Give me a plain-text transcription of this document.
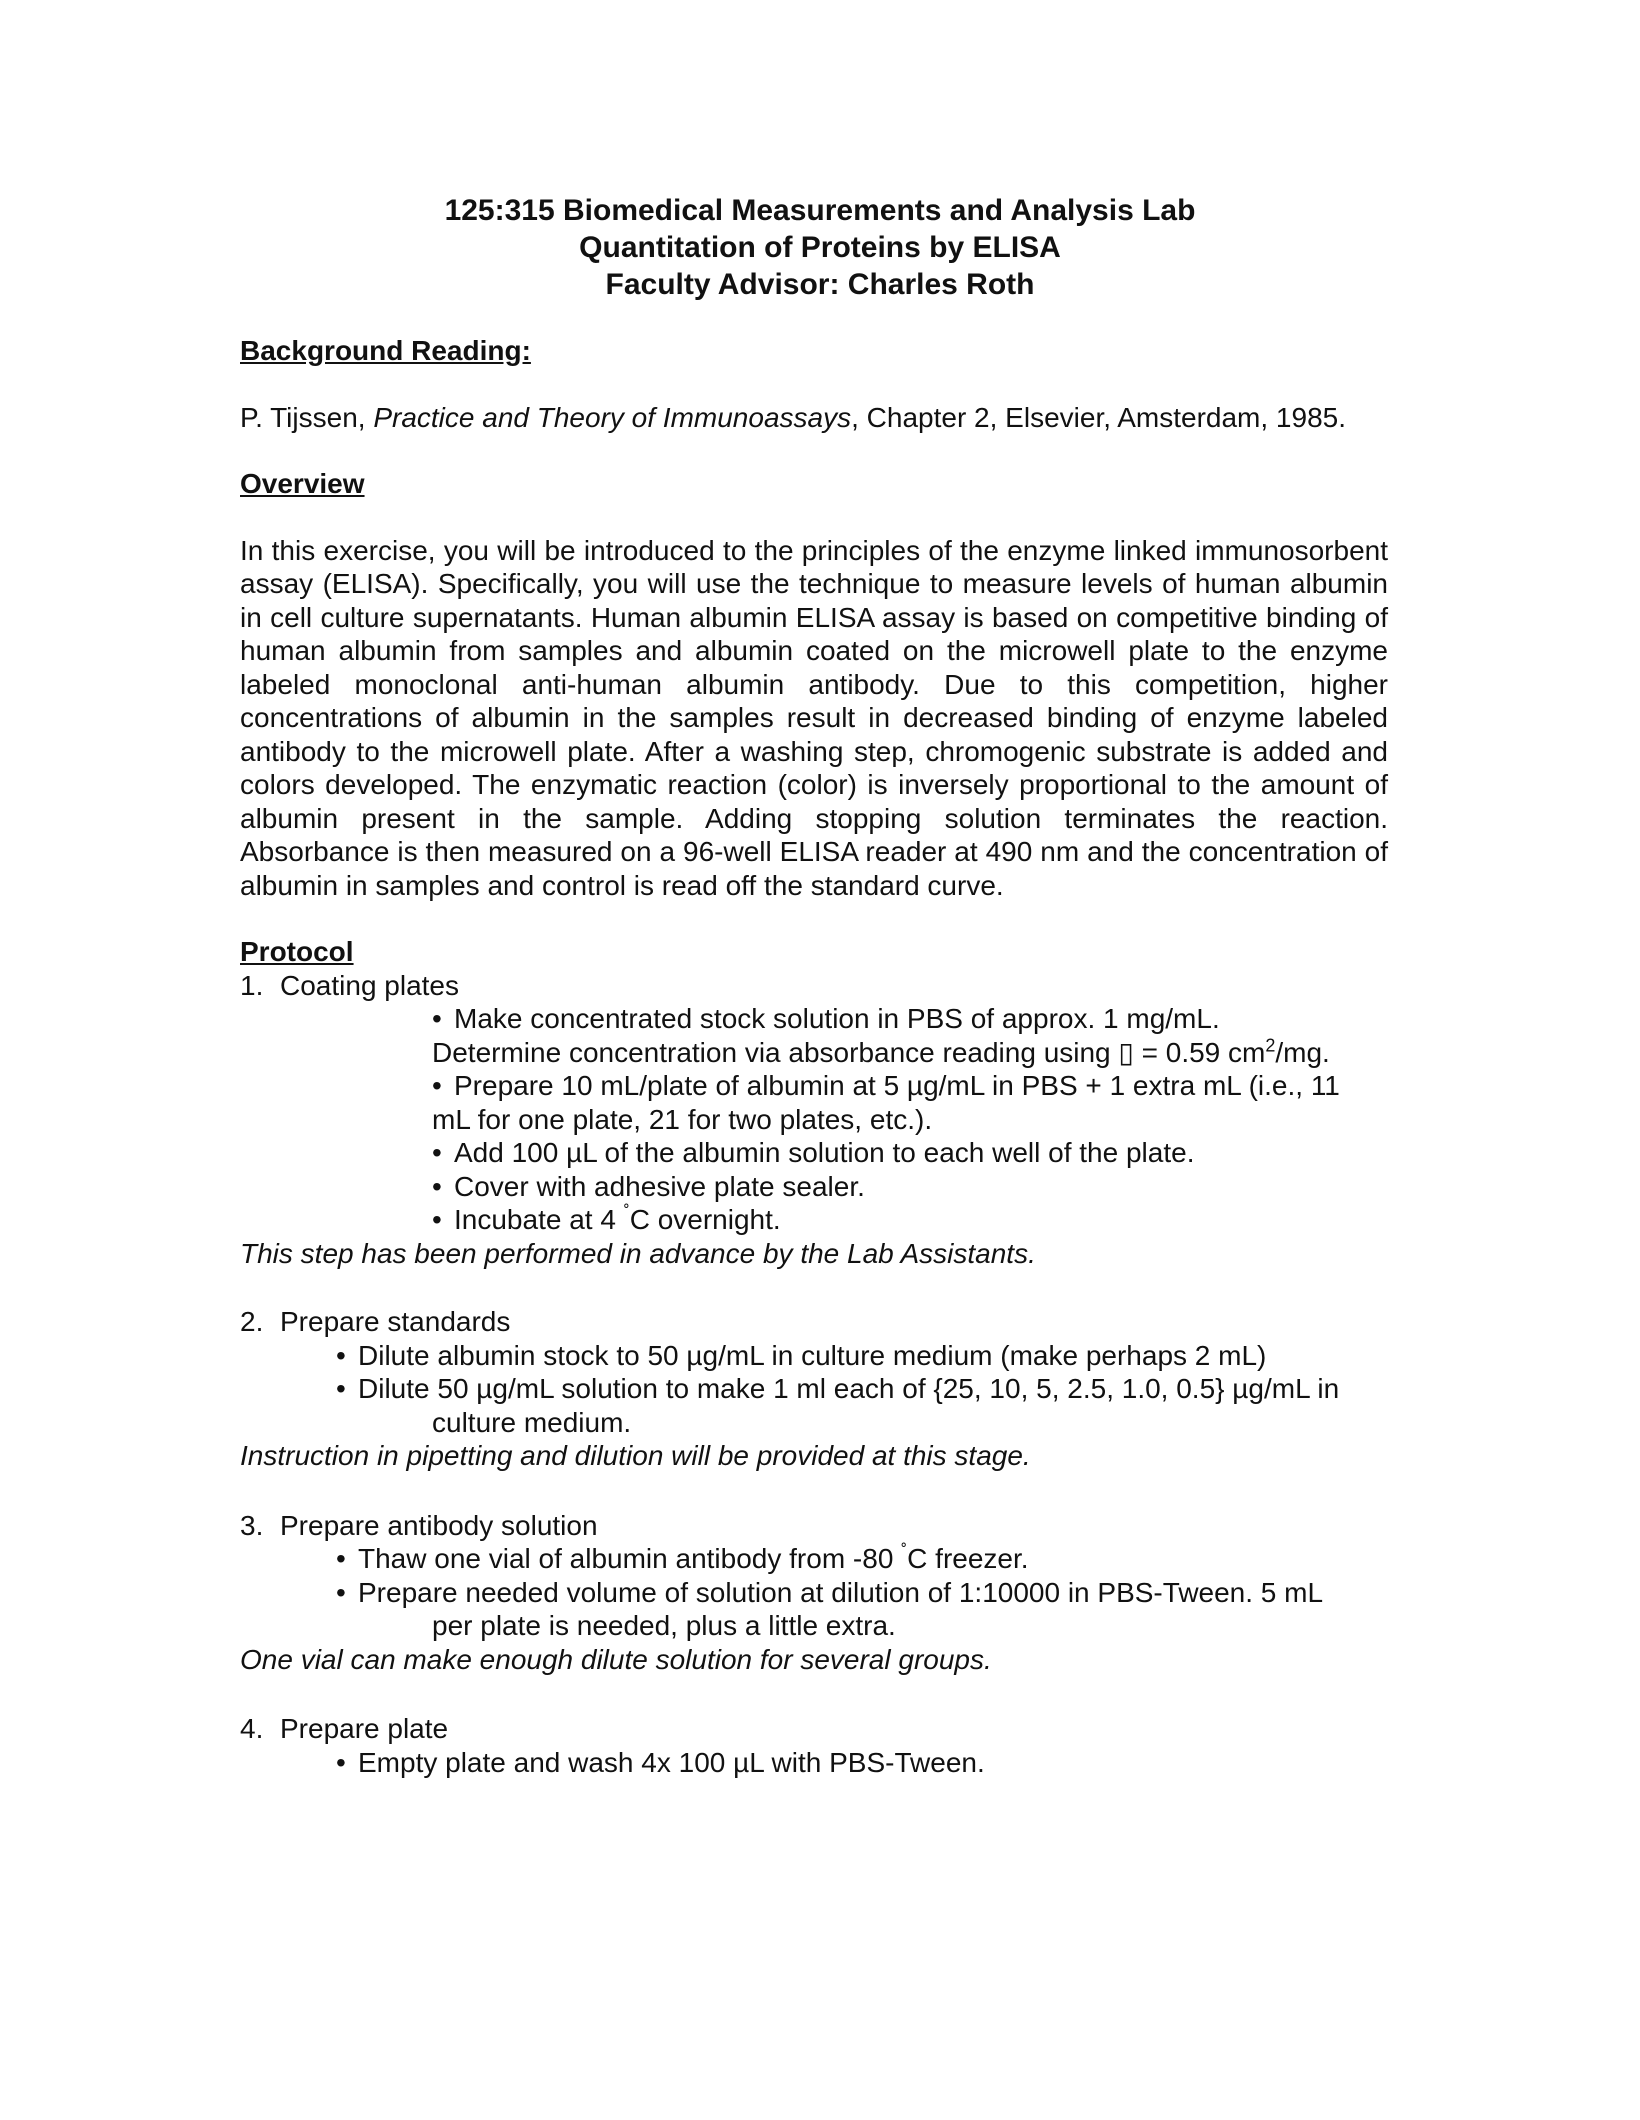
125:315 Biomedical Measurements and Analysis Lab
Quantitation of Proteins by ELISA
Faculty Advisor: Charles Roth
Background Reading:

P. Tijssen, Practice and Theory of Immunoassays, Chapter 2, Elsevier, Amsterdam, 1985.

Overview

In this exercise, you will be introduced to the principles of the enzyme linked immunosorbent assay (ELISA). Specifically, you will use the technique to measure levels of human albumin in cell culture supernatants. Human albumin ELISA assay is based on competitive binding of human albumin from samples and albumin coated on the microwell plate to the enzyme labeled monoclonal anti-human albumin antibody. Due to this competition, higher concentrations of albumin in the samples result in decreased binding of enzyme labeled antibody to the microwell plate. After a washing step, chromogenic substrate is added and colors developed. The enzymatic reaction (color) is inversely proportional to the amount of albumin present in the sample. Adding stopping solution terminates the reaction. Absorbance is then measured on a 96-well ELISA reader at 490 nm and the concentration of albumin in samples and control is read off the standard curve.

Protocol
1. Coating plates
• Make concentrated stock solution in PBS of approx. 1 mg/mL.
Determine concentration via absorbance reading using ▯ = 0.59 $cm^2/mg$.
• Prepare 10 mL/plate of albumin at 5 µg/mL in PBS + 1 extra mL (i.e., 11
mL for one plate, 21 for two plates, etc.).
• Add 100 µL of the albumin solution to each well of the plate.
• Cover with adhesive plate sealer.
• Incubate at 4 ˚C overnight.
This step has been performed in advance by the Lab Assistants.
2. Prepare standards
• Dilute albumin stock to 50 µg/mL in culture medium (make perhaps 2 mL)
• Dilute 50 µg/mL solution to make 1 ml each of {25, 10, 5, 2.5, 1.0, 0.5} µg/mL in
culture medium.
Instruction in pipetting and dilution will be provided at this stage.
3. Prepare antibody solution
• Thaw one vial of albumin antibody from -80 ˚C freezer.
• Prepare needed volume of solution at dilution of 1:10000 in PBS-Tween. 5 mL
per plate is needed, plus a little extra.
One vial can make enough dilute solution for several groups.
4. Prepare plate
• Empty plate and wash 4x 100 µL with PBS-Tween.
